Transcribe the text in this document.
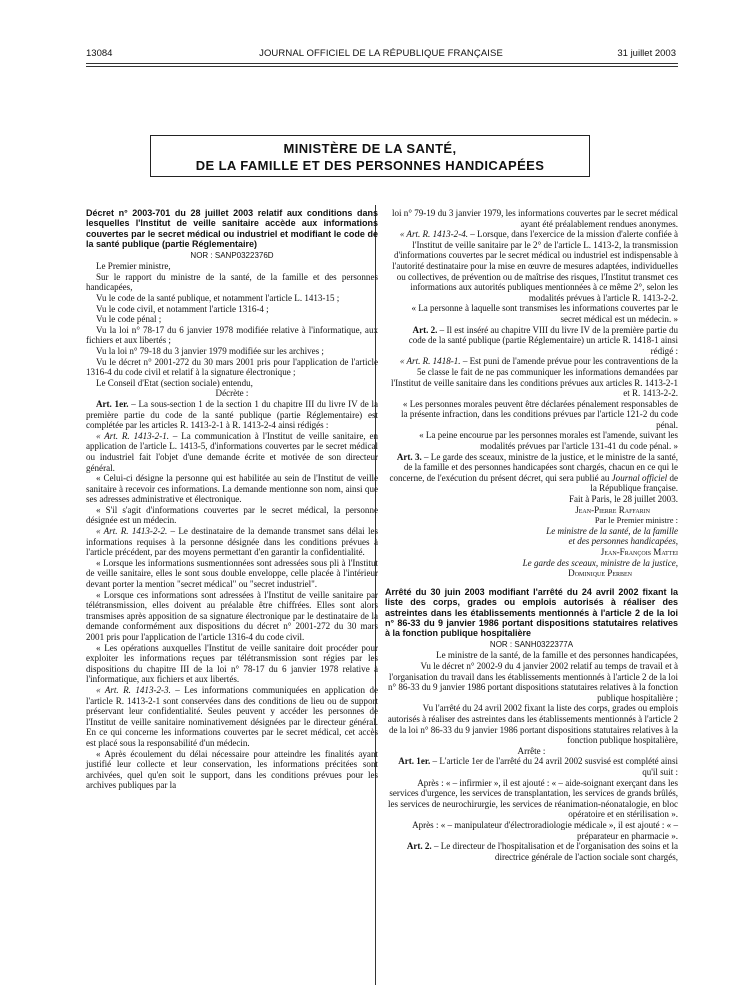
13084	JOURNAL OFFICIEL DE LA RÉPUBLIQUE FRANÇAISE	31 juillet 2003
MINISTÈRE DE LA SANTÉ,
DE LA FAMILLE ET DES PERSONNES HANDICAPÉES
Décret n° 2003-701 du 28 juillet 2003 relatif aux conditions dans lesquelles l'Institut de veille sanitaire accède aux informations couvertes par le secret médical ou industriel et modifiant le code de la santé publique (partie Réglementaire)

NOR : SANP0322376D

Le Premier ministre,

Sur le rapport du ministre de la santé, de la famille et des personnes handicapées,

Vu le code de la santé publique, et notamment l'article L. 1413-15 ;

Vu le code civil, et notamment l'article 1316-4 ;

Vu le code pénal ;

Vu la loi n° 78-17 du 6 janvier 1978 modifiée relative à l'informatique, aux fichiers et aux libertés ;

Vu la loi n° 79-18 du 3 janvier 1979 modifiée sur les archives ;

Vu le décret n° 2001-272 du 30 mars 2001 pris pour l'application de l'article 1316-4 du code civil et relatif à la signature électronique ;

Le Conseil d'Etat (section sociale) entendu,

Décrète :

Art. 1er. – La sous-section 1 de la section 1 du chapitre III du livre IV de la première partie du code de la santé publique (partie Réglementaire) est complétée par les articles R. 1413-2-1 à R. 1413-2-4 ainsi rédigés :

« Art. R. 1413-2-1. – La communication à l'Institut de veille sanitaire, en application de l'article L. 1413-5, d'informations couvertes par le secret médical ou industriel fait l'objet d'une demande écrite et motivée de son directeur général.

« Celui-ci désigne la personne qui est habilitée au sein de l'Institut de veille sanitaire à recevoir ces informations. La demande mentionne son nom, ainsi que ses adresses administrative et électronique.

« S'il s'agit d'informations couvertes par le secret médical, la personne désignée est un médecin.

« Art. R. 1413-2-2. – Le destinataire de la demande transmet sans délai les informations requises à la personne désignée dans les conditions prévues à l'article précédent, par des moyens permettant d'en garantir la confidentialité.

« Lorsque les informations susmentionnées sont adressées sous pli à l'Institut de veille sanitaire, elles le sont sous double enveloppe, celle placée à l'intérieur devant porter la mention "secret médical" ou "secret industriel".

« Lorsque ces informations sont adressées à l'Institut de veille sanitaire par télétransmission, elles doivent au préalable être chiffrées. Elles sont alors transmises après apposition de sa signature électronique par le destinataire de la demande conformément aux dispositions du décret n° 2001-272 du 30 mars 2001 pris pour l'application de l'article 1316-4 du code civil.

« Les opérations auxquelles l'Institut de veille sanitaire doit procéder pour exploiter les informations reçues par télétransmission sont régies par les dispositions du chapitre III de la loi n° 78-17 du 6 janvier 1978 relative à l'informatique, aux fichiers et aux libertés.

« Art. R. 1413-2-3. – Les informations communiquées en application de l'article R. 1413-2-1 sont conservées dans des conditions de lieu ou de support préservant leur confidentialité. Seules peuvent y accéder les personnes de l'Institut de veille sanitaire nominativement désignées par le directeur général. En ce qui concerne les informations couvertes par le secret médical, cet accès est placé sous la responsabilité d'un médecin.

« Après écoulement du délai nécessaire pour atteindre les finalités ayant justifié leur collecte et leur conservation, les informations précitées sont archivées, quel qu'en soit le support, dans les conditions prévues pour les archives publiques par la

loi n° 79-19 du 3 janvier 1979, les informations couvertes par le secret médical ayant été préalablement rendues anonymes.

« Art. R. 1413-2-4. – Lorsque, dans l'exercice de la mission d'alerte confiée à l'Institut de veille sanitaire par le 2° de l'article L. 1413-2, la transmission d'informations couvertes par le secret médical ou industriel est indispensable à l'autorité destinataire pour la mise en œuvre de mesures adaptées, individuelles ou collectives, de prévention ou de maîtrise des risques, l'Institut transmet ces informations aux autorités publiques mentionnées à ce même 2°, selon les modalités prévues à l'article R. 1413-2-2.

« La personne à laquelle sont transmises les informations couvertes par le secret médical est un médecin. »

Art. 2. – Il est inséré au chapitre VIII du livre IV de la première partie du code de la santé publique (partie Réglementaire) un article R. 1418-1 ainsi rédigé :

« Art. R. 1418-1. – Est puni de l'amende prévue pour les contraventions de la 5e classe le fait de ne pas communiquer les informations demandées par l'Institut de veille sanitaire dans les conditions prévues aux articles R. 1413-2-1 et R. 1413-2-2.

« Les personnes morales peuvent être déclarées pénalement responsables de la présente infraction, dans les conditions prévues par l'article 121-2 du code pénal.

« La peine encourue par les personnes morales est l'amende, suivant les modalités prévues par l'article 131-41 du code pénal. »

Art. 3. – Le garde des sceaux, ministre de la justice, et le ministre de la santé, de la famille et des personnes handicapées sont chargés, chacun en ce qui le concerne, de l'exécution du présent décret, qui sera publié au Journal officiel de la République française.

Fait à Paris, le 28 juillet 2003.

Jean-Pierre Raffarin

Par le Premier ministre :

Le ministre de la santé, de la famille

et des personnes handicapées,

Jean-François Mattei

Le garde des sceaux, ministre de la justice,

Dominique Perben

Arrêté du 30 juin 2003 modifiant l'arrêté du 24 avril 2002 fixant la liste des corps, grades ou emplois autorisés à réaliser des astreintes dans les établissements mentionnés à l'article 2 de la loi n° 86-33 du 9 janvier 1986 portant dispositions statutaires relatives à la fonction publique hospitalière

NOR : SANH0322377A

Le ministre de la santé, de la famille et des personnes handicapées,

Vu le décret n° 2002-9 du 4 janvier 2002 relatif au temps de travail et à l'organisation du travail dans les établissements mentionnés à l'article 2 de la loi n° 86-33 du 9 janvier 1986 portant dispositions statutaires relatives à la fonction publique hospitalière ;

Vu l'arrêté du 24 avril 2002 fixant la liste des corps, grades ou emplois autorisés à réaliser des astreintes dans les établissements mentionnés à l'article 2 de la loi n° 86-33 du 9 janvier 1986 portant dispositions statutaires relatives à la fonction publique hospitalière,

Arrête :

Art. 1er. – L'article 1er de l'arrêté du 24 avril 2002 susvisé est complété ainsi qu'il suit :

Après : « – infirmier », il est ajouté : « – aide-soignant exerçant dans les services d'urgence, les services de transplantation, les services de grands brûlés, les services de neurochirurgie, les services de réanimation-néonatalogie, en bloc opératoire et en stérilisation ».

Après : « – manipulateur d'électroradiologie médicale », il est ajouté : « – préparateur en pharmacie ».

Art. 2. – Le directeur de l'hospitalisation et de l'organisation des soins et la directrice générale de l'action sociale sont chargés,
